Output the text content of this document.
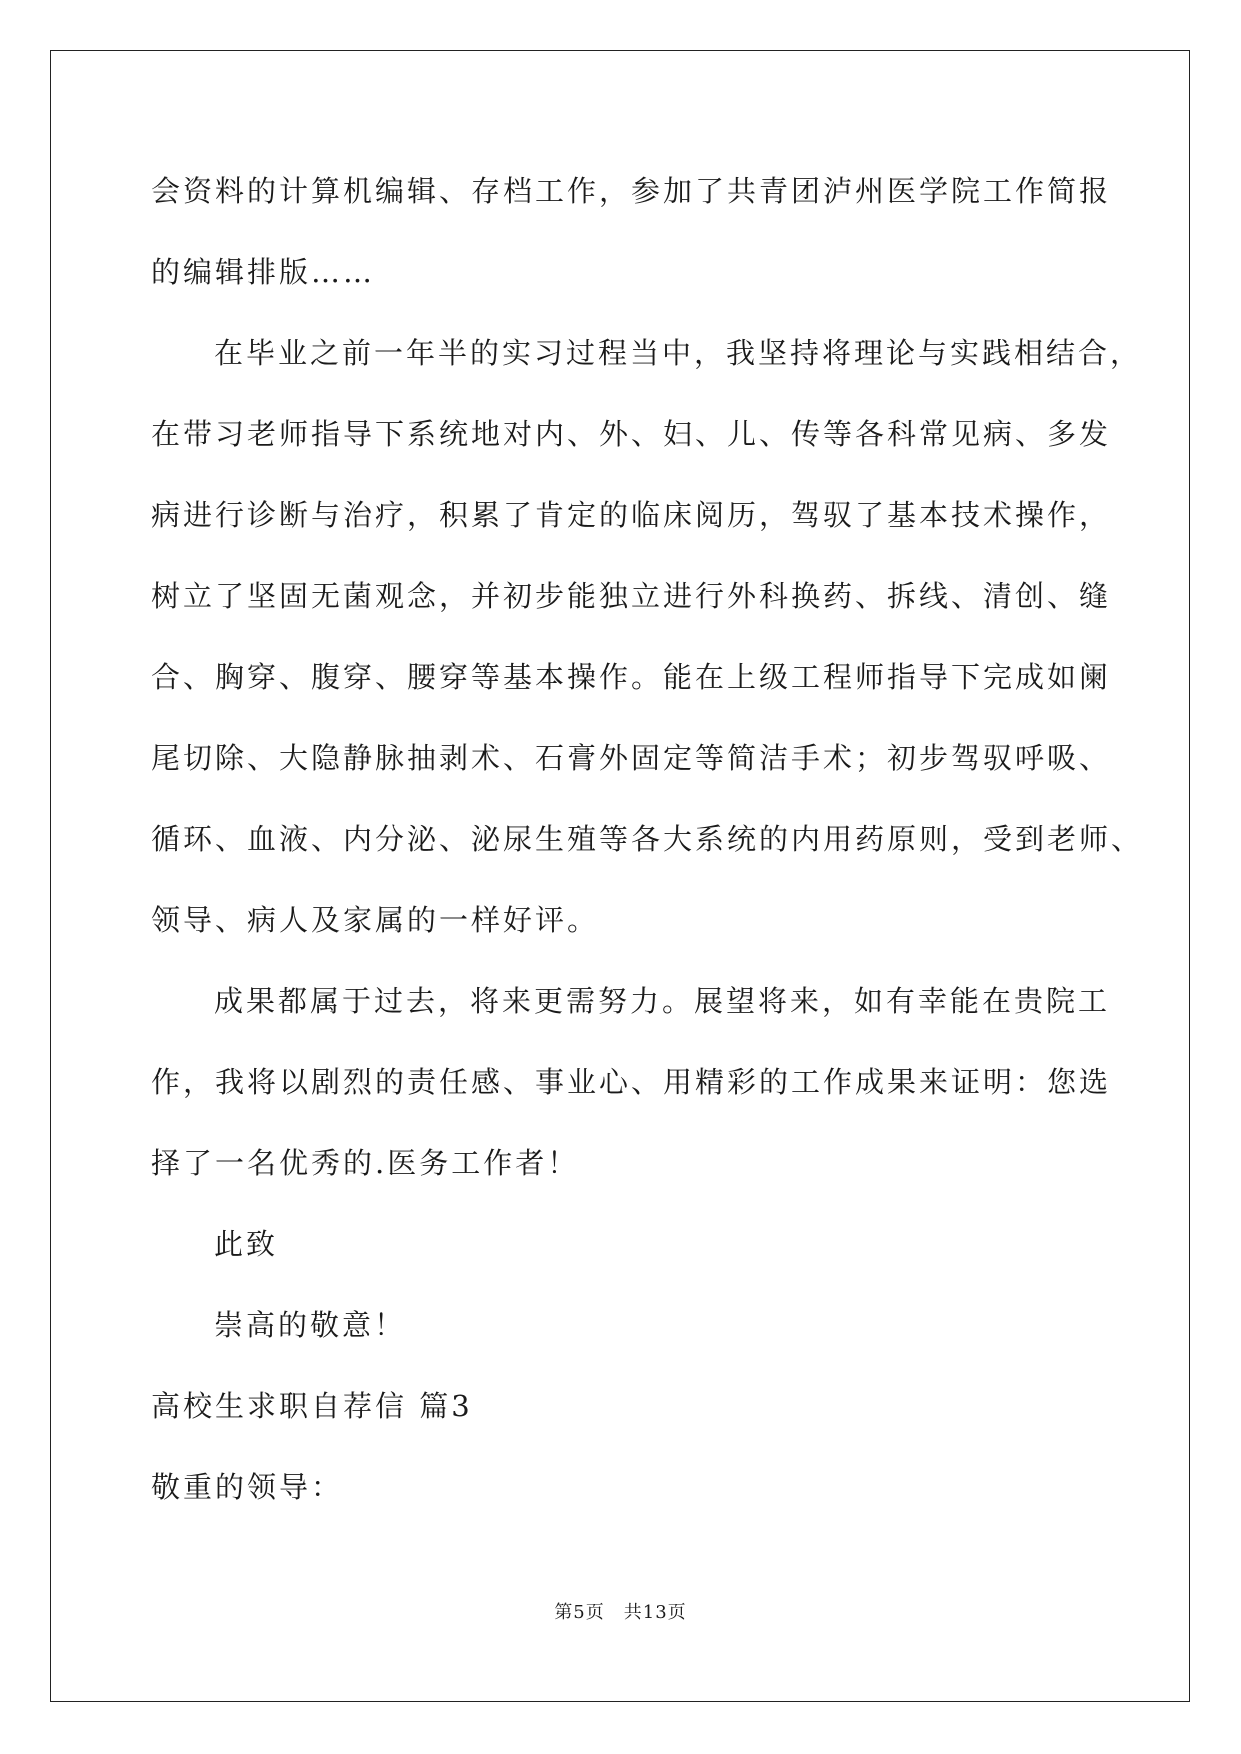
会资料的计算机编辑、存档工作，参加了共青团泸州医学院工作简报
的编辑排版……
在毕业之前一年半的实习过程当中，我坚持将理论与实践相结合，
在带习老师指导下系统地对内、外、妇、儿、传等各科常见病、多发
病进行诊断与治疗，积累了肯定的临床阅历，驾驭了基本技术操作，
树立了坚固无菌观念，并初步能独立进行外科换药、拆线、清创、缝
合、胸穿、腹穿、腰穿等基本操作。能在上级工程师指导下完成如阑
尾切除、大隐静脉抽剥术、石膏外固定等简洁手术；初步驾驭呼吸、
循环、血液、内分泌、泌尿生殖等各大系统的内用药原则，受到老师、
领导、病人及家属的一样好评。
成果都属于过去，将来更需努力。展望将来，如有幸能在贵院工
作，我将以剧烈的责任感、事业心、用精彩的工作成果来证明：您选
择了一名优秀的.医务工作者！
此致
崇高的敬意！
高校生求职自荐信 篇3
敬重的领导：
第5页　共13页
